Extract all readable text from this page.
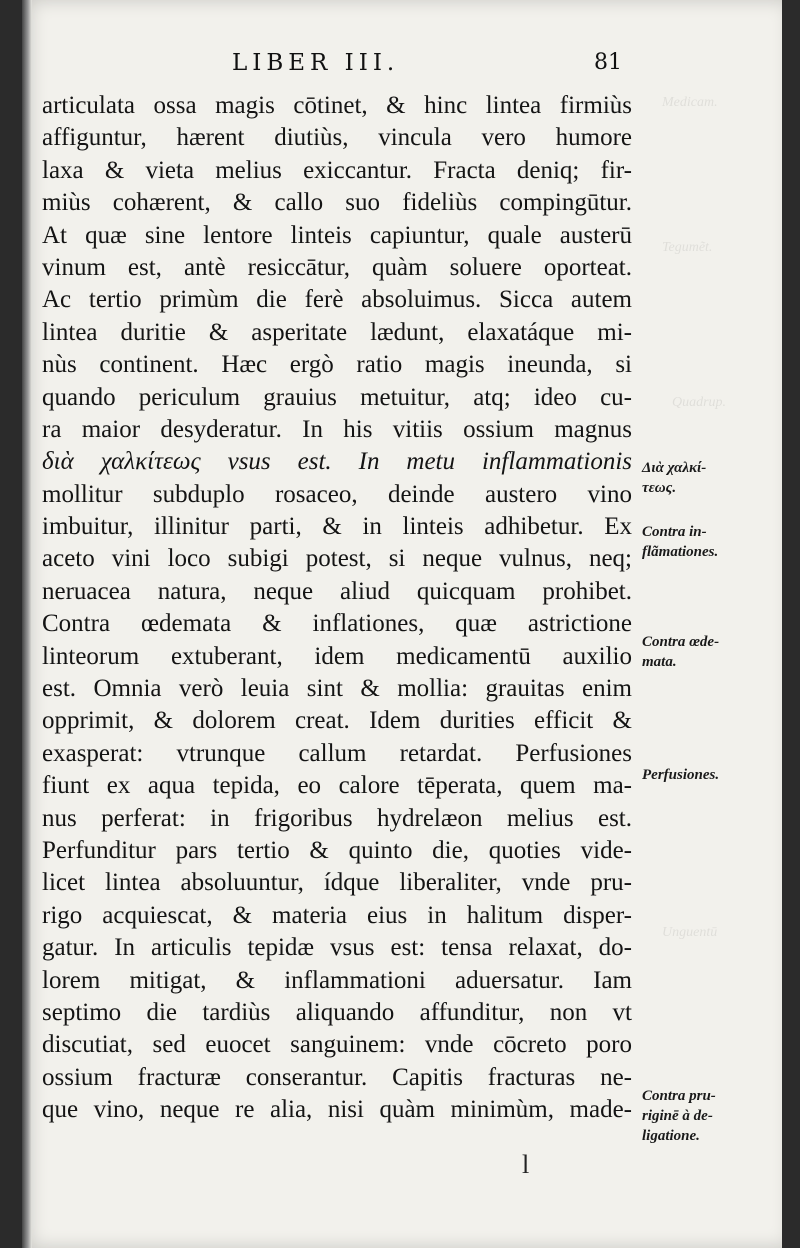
Medicam.
Tegumẽt.
Quadrup.
Unguentū
LIBER III.	81
articulata ossa magis cōtinet, & hinc lintea firmiùs
affiguntur, hærent diutiùs, vincula vero humore
laxa & vieta melius exiccantur. Fracta deniq; fir-
miùs cohærent, & callo suo fideliùs compingūtur.
At quæ sine lentore linteis capiuntur, quale austerū
vinum est, antè resiccātur, quàm soluere oporteat.
Ac tertio primùm die ferè absoluimus. Sicca autem
lintea duritie & asperitate lædunt, elaxatáque mi-
nùs continent. Hæc ergò ratio magis ineunda, si
quando periculum grauius metuitur, atq; ideo cu-
ra maior desyderatur. In his vitiis ossium magnus
διὰ χαλκίτεως vsus est. In metu inflammationis
mollitur subduplo rosaceo, deinde austero vino
imbuitur, illinitur parti, & in linteis adhibetur. Ex
aceto vini loco subigi potest, si neque vulnus, neq;
neruacea natura, neque aliud quicquam prohibet.
Contra œdemata & inflationes, quæ astrictione
linteorum extuberant, idem medicamentū auxilio
est. Omnia verò leuia sint & mollia: grauitas enim
opprimit, & dolorem creat. Idem durities efficit &
exasperat: vtrunque callum retardat. Perfusiones
fiunt ex aqua tepida, eo calore tēperata, quem ma-
nus perferat: in frigoribus hydrelæon melius est.
Perfunditur pars tertio & quinto die, quoties vide-
licet lintea absoluuntur, ídque liberaliter, vnde pru-
rigo acquiescat, & materia eius in halitum disper-
gatur. In articulis tepidæ vsus est: tensa relaxat, do-
lorem mitigat, & inflammationi aduersatur. Iam
septimo die tardiùs aliquando affunditur, non vt
discutiat, sed euocet sanguinem: vnde cōcreto poro
ossium fracturæ conserantur. Capitis fracturas ne-
que vino, neque re alia, nisi quàm minimùm, made-
Διὰ χαλκί-
τεως.
Contra in-
flãmationes.
Contra œde-
mata.
Perfusiones.
Contra pru-
riginē à de-
ligatione.
l
